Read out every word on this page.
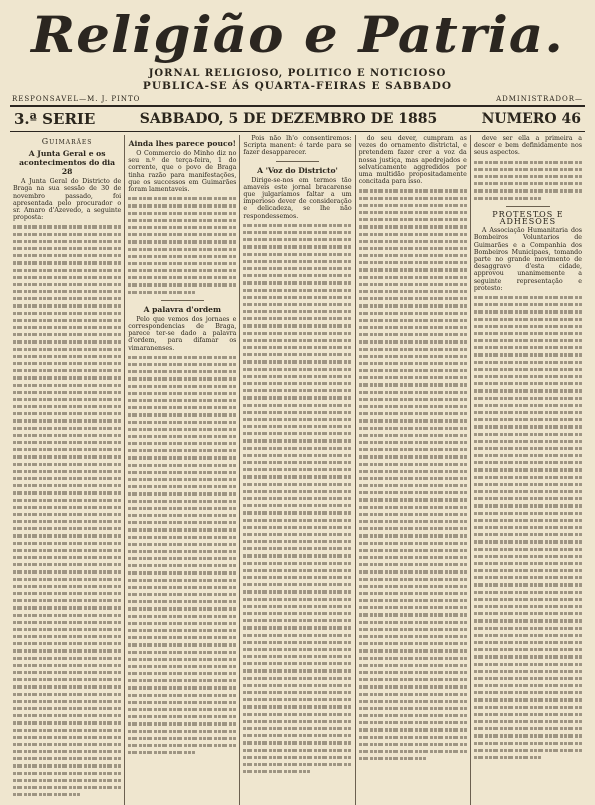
Religião e Patria.
JORNAL RELIGIOSO, POLITICO E NOTICIOSO
PUBLICA-SE ÁS QUARTA-FEIRAS E SABBADO
RESPONSAVEL—M. J. PINTO	ADMINISTRADOR—
3.ª SERIE	SABBADO, 5 DE DEZEMBRO DE 1885	NUMERO 46
Guimarães
A Junta Geral e os acontecimentos do dia 28

A Junta Geral do Districto de Braga na sua sessão de 30 de novembro passado, foi apresentada pelo procurador o sr. Amaro d'Azevedo, a seguinte proposta:

Ainda lhes parece pouco!

O Commercio do Minho diz no seu n.º de terça-feira, 1 do corrente, que o povo de Braga tinha razão para manifestações, que os successos em Guimarães foram lamentaveis.

A palavra d'ordem

Pelo que vemos dos jornaes e correspondencias de Braga, parece ter-se dado a palavra d'ordem, para difamar os vimaranenses.

Pois não lh'o consentiremos: Scripta manent: é tarde para se fazer desapparecer.

A 'Voz do Districto'

Dirige-se-nos em termos tão amaveis este jornal bracarense que julgaríamos faltar a um imperioso dever de consideração e delicadeza, se lhe não respondessemos.

do seu dever, cumpram as vezes do ornamento districtal, e pretendem fazer crer a voz da nossa justiça, mas apedrejados e selvaticamente aggredidos por uma multidão propositadamente concitada para isso.

deve ser ella a primeira a descer e bem definidamente nos seus aspectos.

PROTESTOS E ADHESÕES

A Associação Humanitaria dos Bombeiros Voluntarios de Guimarães e a Companhia dos Bombeiros Municipaes, tomando parte no grande movimento de desaggravo d'esta cidade, approvou unanimemente a seguinte representação e protesto:
